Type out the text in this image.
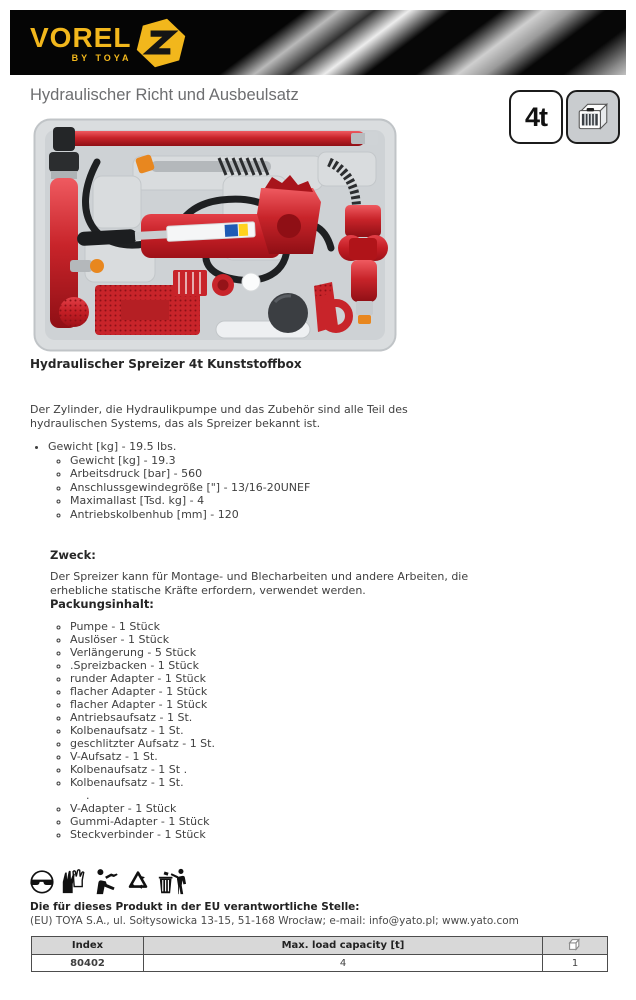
VOREL
BY TOYA
Hydraulischer Richt und Ausbeulsatz
4t
Hydraulischer Spreizer 4t Kunststoffbox

Der Zylinder, die Hydraulikpumpe und das Zubehör sind alle Teil des hydraulischen Systems, das als Spreizer bekannt ist.

• Gewicht [kg] - 19.5 lbs.
◦ Gewicht [kg] - 19.3
◦ Arbeitsdruck [bar] - 560
◦ Anschlussgewindegröße ["] - 13/16-20UNEF
◦ Maximallast [Tsd. kg] - 4
◦ Antriebskolbenhub [mm] - 120
Zweck:

Der Spreizer kann für Montage- und Blecharbeiten und andere Arbeiten, die erhebliche statische Kräfte erfordern, verwendet werden.

Packungsinhalt:
◦ Pumpe - 1 Stück
◦ Auslöser - 1 Stück
◦ Verlängerung - 5 Stück
◦ .Spreizbacken - 1 Stück
◦ runder Adapter - 1 Stück
◦ flacher Adapter - 1 Stück
◦ flacher Adapter - 1 Stück
◦ Antriebsaufsatz - 1 St.
◦ Kolbenaufsatz - 1 St.
◦ geschlitzter Aufsatz - 1 St.
◦ V-Aufsatz - 1 St.
◦ Kolbenaufsatz - 1 St .
◦ Kolbenaufsatz - 1 St.
.
◦ V-Adapter - 1 Stück
◦ Gummi-Adapter - 1 Stück
◦ Steckverbinder - 1 Stück

Die für dieses Produkt in der EU verantwortliche Stelle:

(EU) TOYA S.A., ul. Sołtysowicka 13-15, 51-168 Wrocław; e-mail: info@yato.pl; www.yato.com

Index	Max. load capacity [t]	
80402	4	1
